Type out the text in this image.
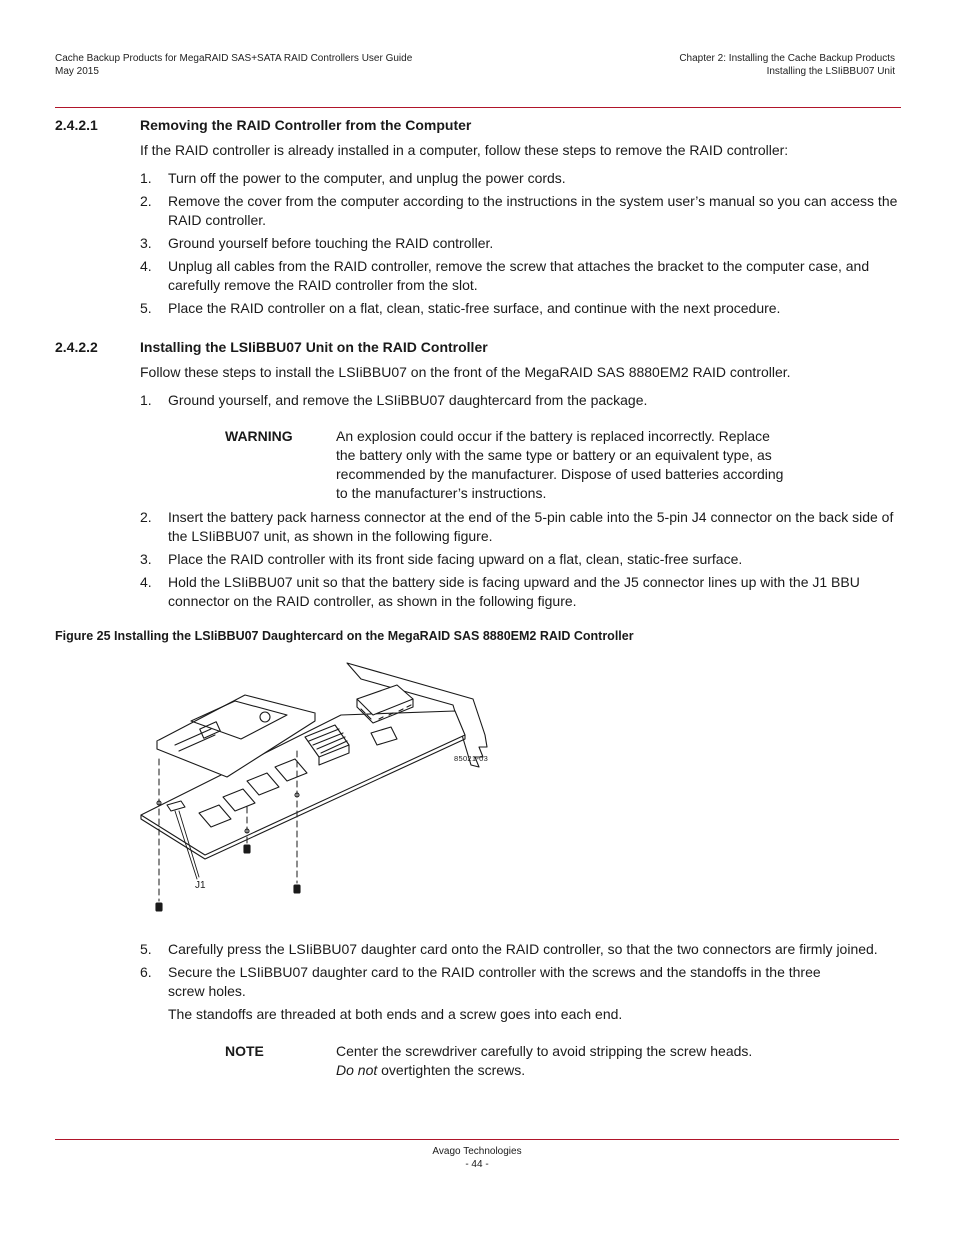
Cache Backup Products for MegaRAID SAS+SATA RAID Controllers User Guide
May 2015
Chapter 2: Installing the Cache Backup Products
Installing the LSIiBBU07 Unit
2.4.2.1	Removing the RAID Controller from the Computer
If the RAID controller is already installed in a computer, follow these steps to remove the RAID controller:
1. Turn off the power to the computer, and unplug the power cords.
2. Remove the cover from the computer according to the instructions in the system user’s manual so you can access the RAID controller.
3. Ground yourself before touching the RAID controller.
4. Unplug all cables from the RAID controller, remove the screw that attaches the bracket to the computer case, and carefully remove the RAID controller from the slot.
5. Place the RAID controller on a flat, clean, static-free surface, and continue with the next procedure.
2.4.2.2	Installing the LSIiBBU07 Unit on the RAID Controller
Follow these steps to install the LSIiBBU07 on the front of the MegaRAID SAS 8880EM2 RAID controller.
1. Ground yourself, and remove the LSIiBBU07 daughtercard from the package.
WARNING	An explosion could occur if the battery is replaced incorrectly. Replace the battery only with the same type or battery or an equivalent type, as recommended by the manufacturer. Dispose of used batteries according to the manufacturer’s instructions.
2. Insert the battery pack harness connector at the end of the 5-pin cable into the 5-pin J4 connector on the back side of the LSIiBBU07 unit, as shown in the following figure.
3. Place the RAID controller with its front side facing upward on a flat, clean, static-free surface.
4. Hold the LSIiBBU07 unit so that the battery side is facing upward and the J5 connector lines up with the J1 BBU connector on the RAID controller, as shown in the following figure.
Figure 25 Installing the LSIiBBU07 Daughtercard on the MegaRAID SAS 8880EM2 RAID Controller
J1
85021-03
5. Carefully press the LSIiBBU07 daughter card onto the RAID controller, so that the two connectors are firmly joined.
6. Secure the LSIiBBU07 daughter card to the RAID controller with the screws and the standoffs in the three screw holes.
The standoffs are threaded at both ends and a screw goes into each end.
NOTE	Center the screwdriver carefully to avoid stripping the screw heads.
Do not overtighten the screws.
Avago Technologies
- 44 -
